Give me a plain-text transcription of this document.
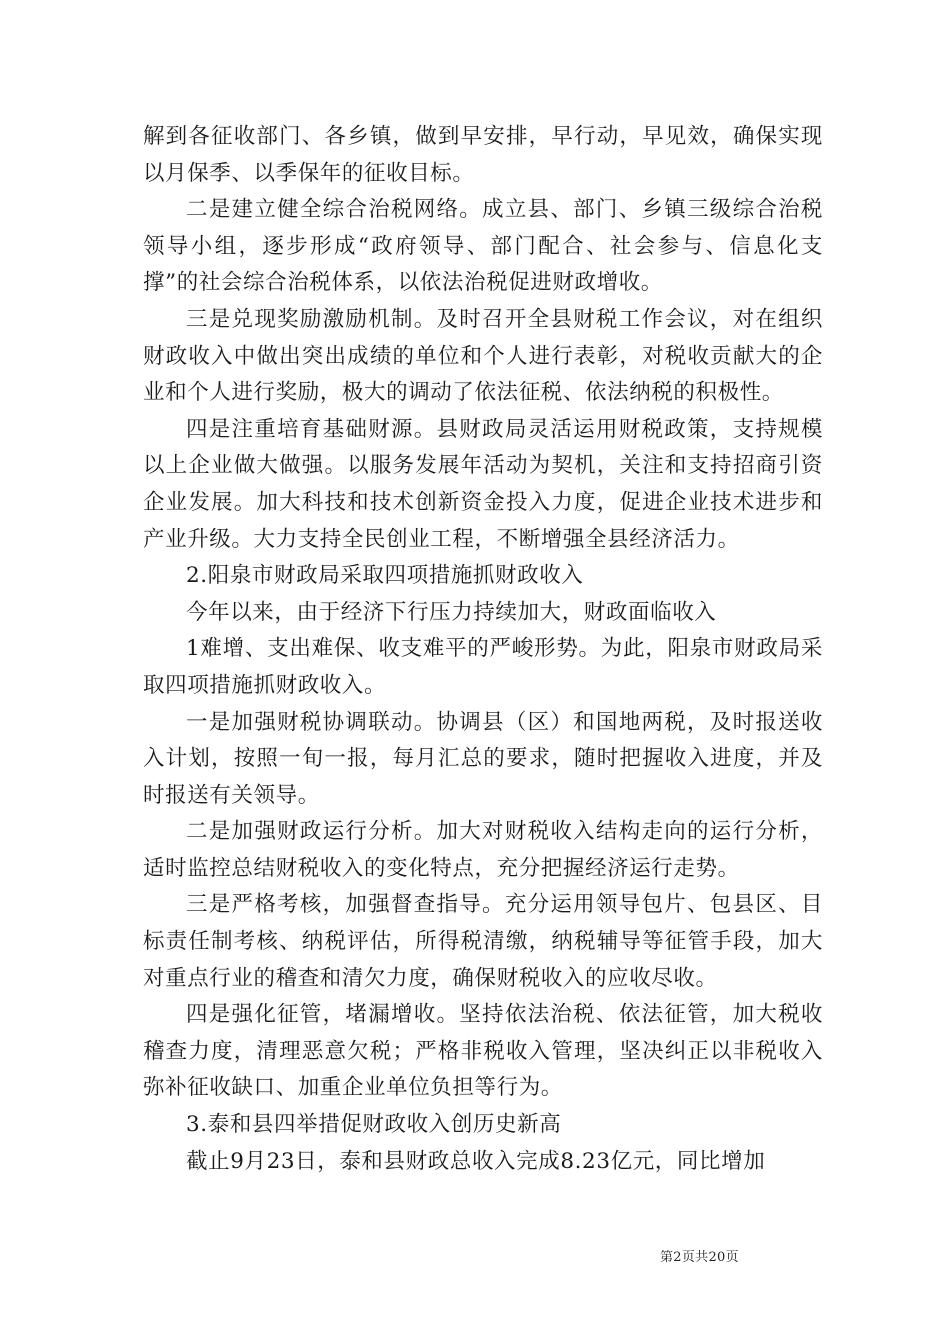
解到各征收部门、各乡镇，做到早安排，早行动，早见效，确保实现以月保季、以季保年的征收目标。

二是建立健全综合治税网络。成立县、部门、乡镇三级综合治税领导小组，逐步形成“政府领导、部门配合、社会参与、信息化支撑”的社会综合治税体系，以依法治税促进财政增收。

三是兑现奖励激励机制。及时召开全县财税工作会议，对在组织财政收入中做出突出成绩的单位和个人进行表彰，对税收贡献大的企业和个人进行奖励，极大的调动了依法征税、依法纳税的积极性。

四是注重培育基础财源。县财政局灵活运用财税政策，支持规模以上企业做大做强。以服务发展年活动为契机，关注和支持招商引资企业发展。加大科技和技术创新资金投入力度，促进企业技术进步和产业升级。大力支持全民创业工程，不断增强全县经济活力。

2.阳泉市财政局采取四项措施抓财政收入

今年以来，由于经济下行压力持续加大，财政面临收入

1难增、支出难保、收支难平的严峻形势。为此，阳泉市财政局采取四项措施抓财政收入。

一是加强财税协调联动。协调县（区）和国地两税，及时报送收入计划，按照一旬一报，每月汇总的要求，随时把握收入进度，并及时报送有关领导。

二是加强财政运行分析。加大对财税收入结构走向的运行分析，适时监控总结财税收入的变化特点，充分把握经济运行走势。

三是严格考核，加强督查指导。充分运用领导包片、包县区、目标责任制考核、纳税评估，所得税清缴，纳税辅导等征管手段，加大对重点行业的稽查和清欠力度，确保财税收入的应收尽收。

四是强化征管，堵漏增收。坚持依法治税、依法征管，加大税收稽查力度，清理恶意欠税；严格非税收入管理，坚决纠正以非税收入弥补征收缺口、加重企业单位负担等行为。

3.泰和县四举措促财政收入创历史新高

截止9月23日，泰和县财政总收入完成8.23亿元，同比增加

第2页共20页
